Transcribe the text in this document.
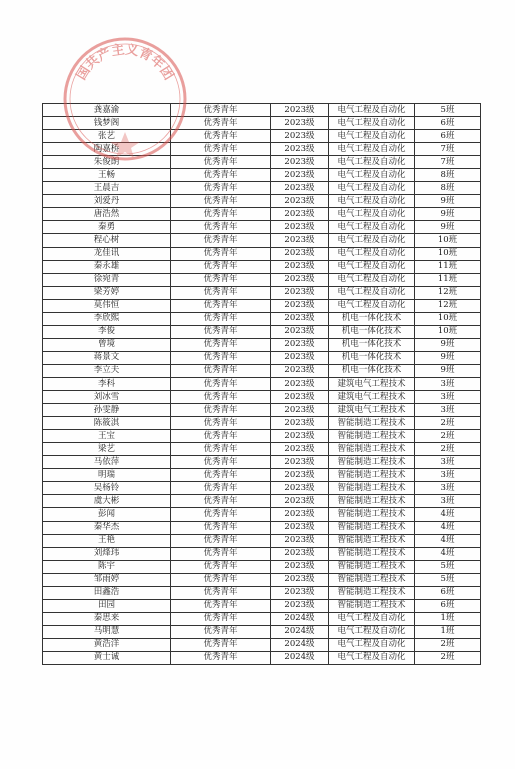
龚嘉渝	优秀青年	2023级	电气工程及自动化	5班
钱梦阁	优秀青年	2023级	电气工程及自动化	6班
张艺	优秀青年	2023级	电气工程及自动化	6班
陶嘉桥	优秀青年	2023级	电气工程及自动化	7班
朱俊朗	优秀青年	2023级	电气工程及自动化	7班
王畅	优秀青年	2023级	电气工程及自动化	8班
王晨吉	优秀青年	2023级	电气工程及自动化	8班
刘爱丹	优秀青年	2023级	电气工程及自动化	9班
唐浩然	优秀青年	2023级	电气工程及自动化	9班
秦勇	优秀青年	2023级	电气工程及自动化	9班
程心树	优秀青年	2023级	电气工程及自动化	10班
龙佳讯	优秀青年	2023级	电气工程及自动化	10班
秦永雄	优秀青年	2023级	电气工程及自动化	11班
徐宛青	优秀青年	2023级	电气工程及自动化	11班
梁芳婷	优秀青年	2023级	电气工程及自动化	12班
莫伟恒	优秀青年	2023级	电气工程及自动化	12班
李欣熙	优秀青年	2023级	机电一体化技术	10班
李俊	优秀青年	2023级	机电一体化技术	10班
曾境	优秀青年	2023级	机电一体化技术	9班
蒋景文	优秀青年	2023级	机电一体化技术	9班
李立夫	优秀青年	2023级	机电一体化技术	9班
李科	优秀青年	2023级	建筑电气工程技术	3班
刘冰雪	优秀青年	2023级	建筑电气工程技术	3班
孙雯静	优秀青年	2023级	建筑电气工程技术	3班
陈筱淇	优秀青年	2023级	智能制造工程技术	2班
王宝	优秀青年	2023级	智能制造工程技术	2班
梁艺	优秀青年	2023级	智能制造工程技术	2班
马依萍	优秀青年	2023级	智能制造工程技术	3班
明瑞	优秀青年	2023级	智能制造工程技术	3班
吴杨铃	优秀青年	2023级	智能制造工程技术	3班
虞大彬	优秀青年	2023级	智能制造工程技术	3班
彭闻	优秀青年	2023级	智能制造工程技术	4班
秦华杰	优秀青年	2023级	智能制造工程技术	4班
王艳	优秀青年	2023级	智能制造工程技术	4班
刘烽玮	优秀青年	2023级	智能制造工程技术	4班
陈宇	优秀青年	2023级	智能制造工程技术	5班
邹雨婷	优秀青年	2023级	智能制造工程技术	5班
田鑫浩	优秀青年	2023级	智能制造工程技术	6班
田园	优秀青年	2023级	智能制造工程技术	6班
秦思来	优秀青年	2024级	电气工程及自动化	1班
马明慧	优秀青年	2024级	电气工程及自动化	1班
黄浩洋	优秀青年	2024级	电气工程及自动化	2班
黄士诚	优秀青年	2024级	电气工程及自动化	2班
国共产主义青年团
